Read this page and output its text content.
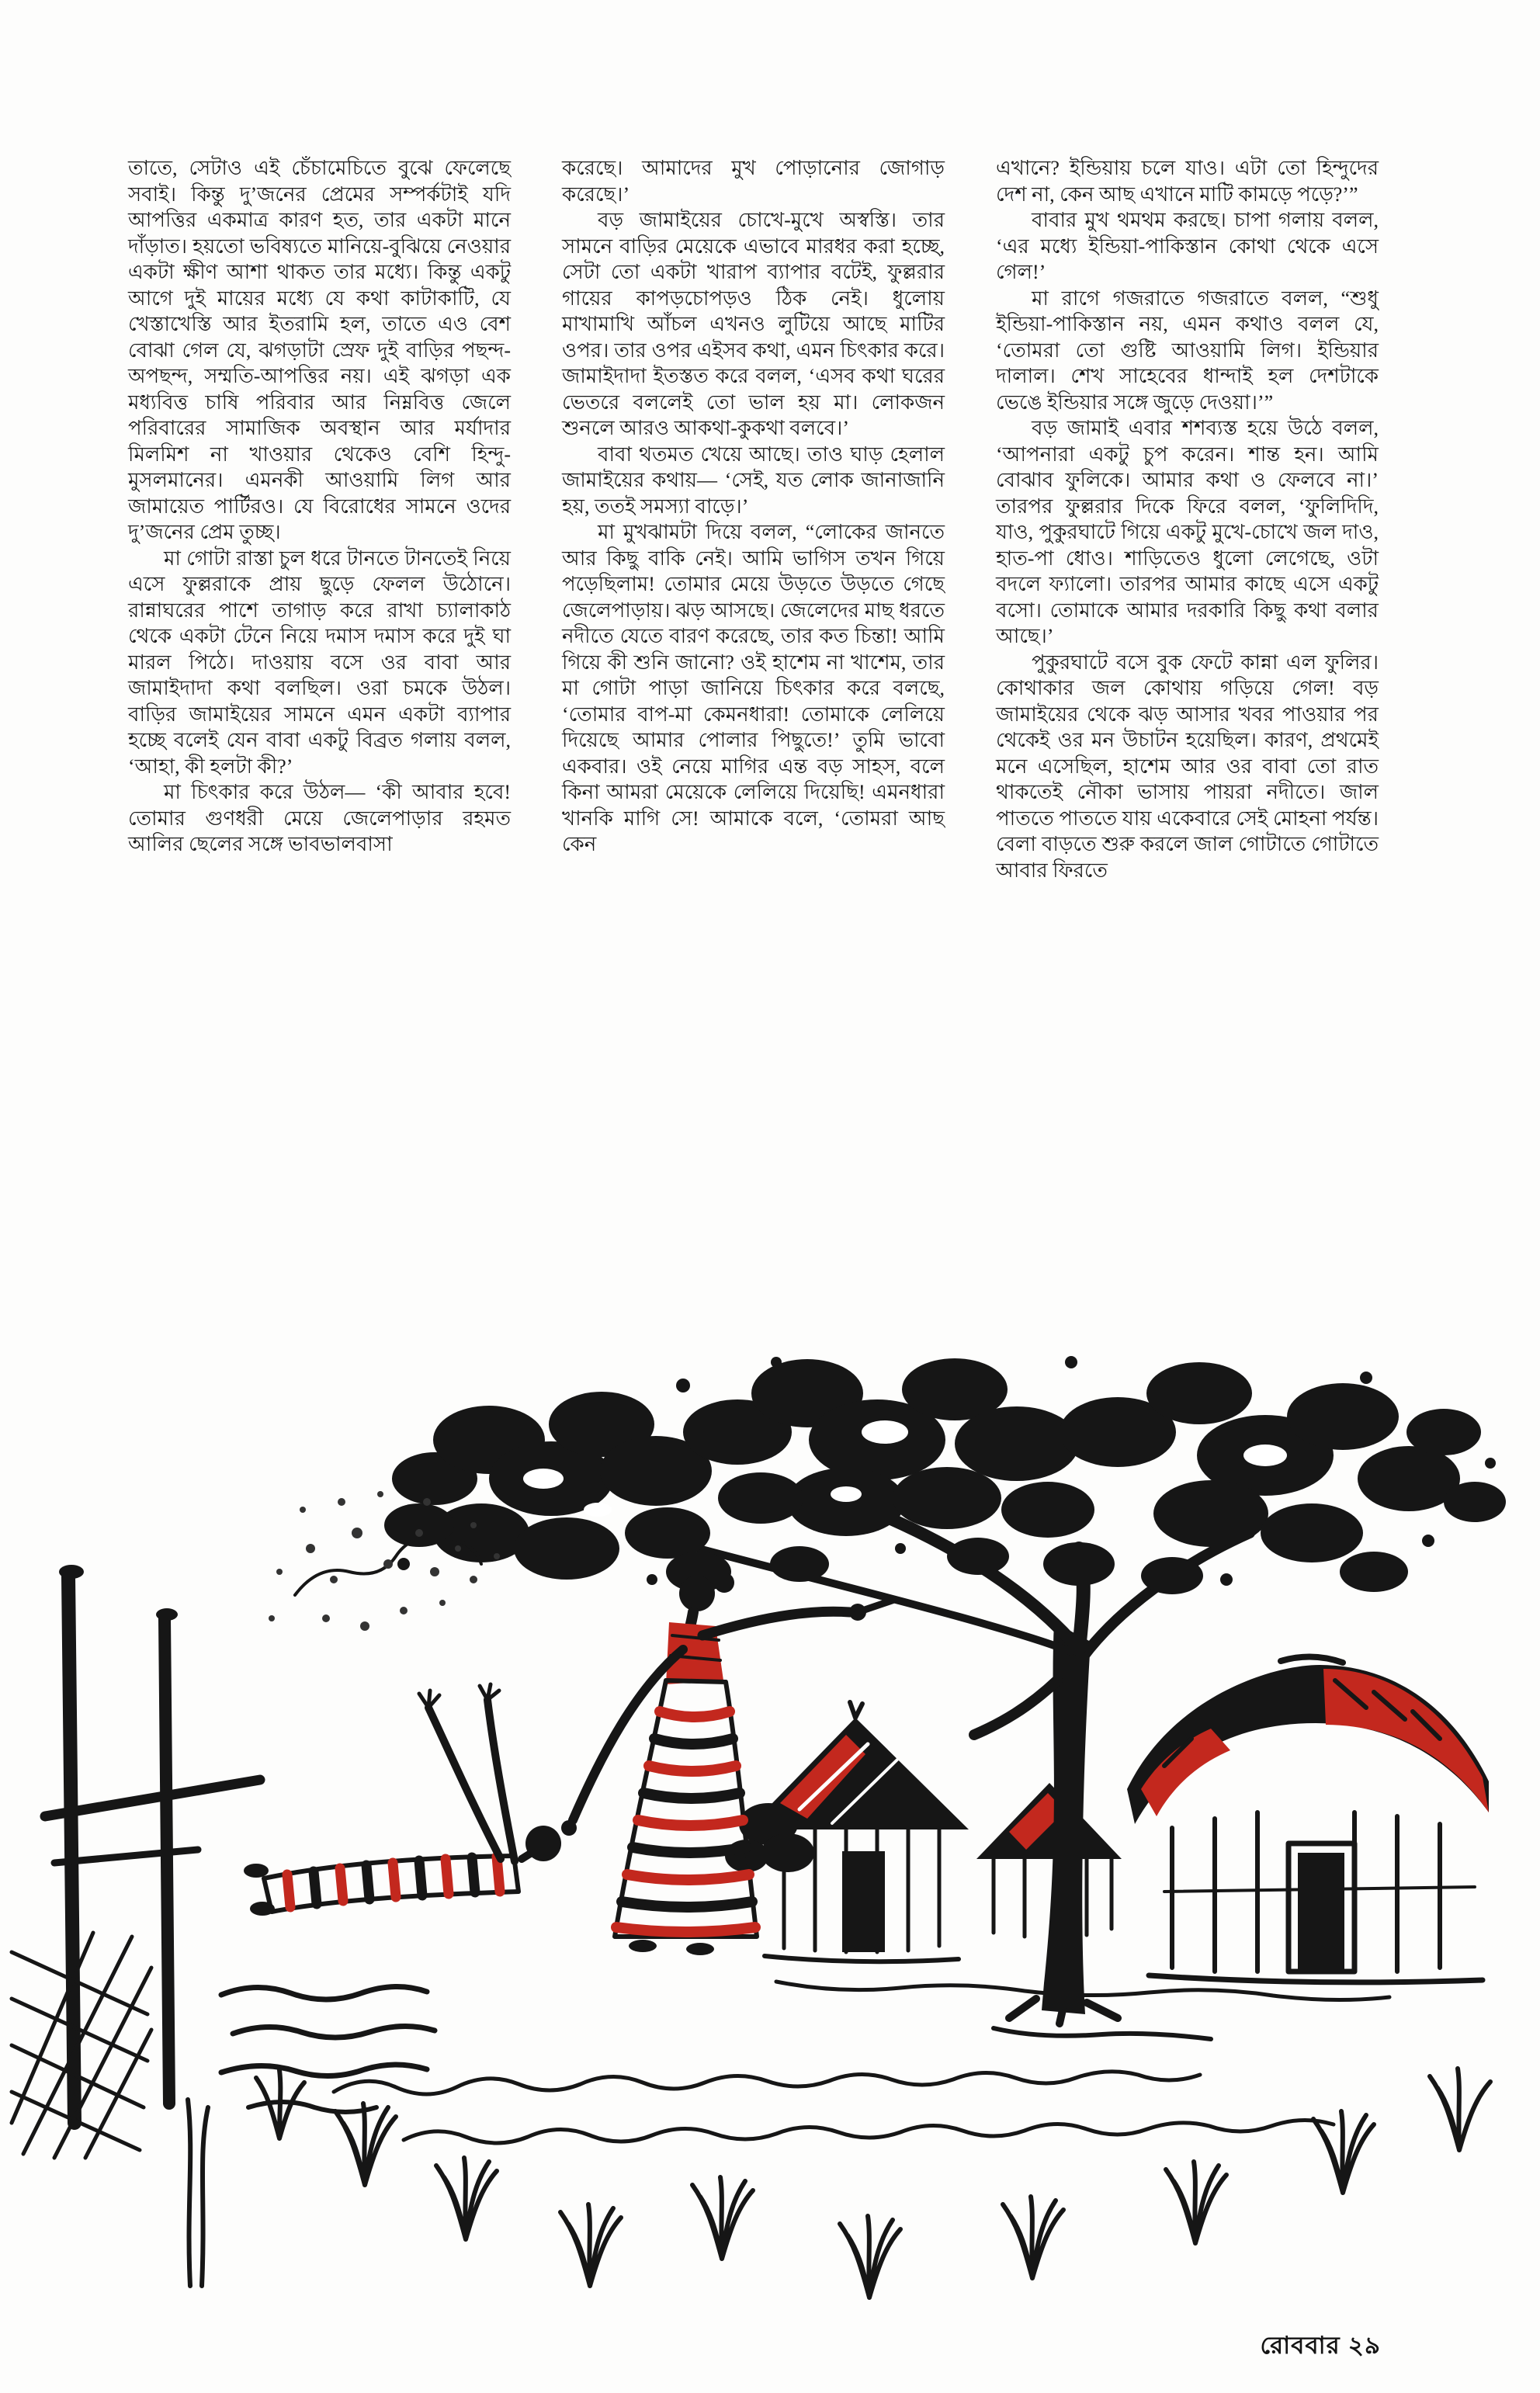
তাতে, সেটাও এই চেঁচামেচিতে বুঝে ফেলেছে সবাই। কিন্তু দু’জনের প্রেমের সম্পর্কটাই যদি আপত্তির একমাত্র কারণ হত, তার একটা মানে দাঁড়াত। হয়তো ভবিষ্যতে মানিয়ে-বুঝিয়ে নেওয়ার একটা ক্ষীণ আশা থাকত তার মধ্যে। কিন্তু একটু আগে দুই মায়ের মধ্যে যে কথা কাটাকাটি, যে খেস্তাখেস্তি আর ইতরামি হল, তাতে এও বেশ বোঝা গেল যে, ঝগড়াটা স্রেফ দুই বাড়ির পছন্দ-অপছন্দ, সম্মতি-আপত্তির নয়। এই ঝগড়া এক মধ্যবিত্ত চাষি পরিবার আর নিম্নবিত্ত জেলে পরিবারের সামাজিক অবস্থান আর মর্যাদার মিলমিশ না খাওয়ার থেকেও বেশি হিন্দু-মুসলমানের। এমনকী আওয়ামি লিগ আর জামায়েত পার্টিরও। যে বিরোধের সামনে ওদের দু’জনের প্রেম তুচ্ছ।

মা গোটা রাস্তা চুল ধরে টানতে টানতেই নিয়ে এসে ফুল্লরাকে প্রায় ছুড়ে ফেলল উঠোনে। রান্নাঘরের পাশে তাগাড় করে রাখা চ্যালাকাঠ থেকে একটা টেনে নিয়ে দমাস দমাস করে দুই ঘা মারল পিঠে। দাওয়ায় বসে ওর বাবা আর জামাইদাদা কথা বলছিল। ওরা চমকে উঠল। বাড়ির জামাইয়ের সামনে এমন একটা ব্যাপার হচ্ছে বলেই যেন বাবা একটু বিব্রত গলায় বলল, ‘আহা, কী হলটা কী?’

মা চিৎকার করে উঠল— ‘কী আবার হবে! তোমার গুণধরী মেয়ে জেলেপাড়ার রহমত আলির ছেলের সঙ্গে ভাবভালবাসা

করেছে। আমাদের মুখ পোড়ানোর জোগাড় করেছে।’

বড় জামাইয়ের চোখে-মুখে অস্বস্তি। তার সামনে বাড়ির মেয়েকে এভাবে মারধর করা হচ্ছে, সেটা তো একটা খারাপ ব্যাপার বটেই, ফুল্লরার গায়ের কাপড়চোপড়ও ঠিক নেই। ধুলোয় মাখামাখি আঁচল এখনও লুটিয়ে আছে মাটির ওপর। তার ওপর এইসব কথা, এমন চিৎকার করে। জামাইদাদা ইতস্তত করে বলল, ‘এসব কথা ঘরের ভেতরে বললেই তো ভাল হয় মা। লোকজন শুনলে আরও আকথা-কুকথা বলবে।’

বাবা থতমত খেয়ে আছে। তাও ঘাড় হেলাল জামাইয়ের কথায়— ‘সেই, যত লোক জানাজানি হয়, ততই সমস্যা বাড়ে।’

মা মুখঝামটা দিয়ে বলল, “লোকের জানতে আর কিছু বাকি নেই। আমি ভাগিস তখন গিয়ে পড়েছিলাম! তোমার মেয়ে উড়তে উড়তে গেছে জেলেপাড়ায়। ঝড় আসছে। জেলেদের মাছ ধরতে নদীতে যেতে বারণ করেছে, তার কত চিন্তা! আমি গিয়ে কী শুনি জানো? ওই হাশেম না খাশেম, তার মা গোটা পাড়া জানিয়ে চিৎকার করে বলছে, ‘তোমার বাপ-মা কেমনধারা! তোমাকে লেলিয়ে দিয়েছে আমার পোলার পিছুতে!’ তুমি ভাবো একবার। ওই নেয়ে মাগির এন্ত বড় সাহস, বলে কিনা আমরা মেয়েকে লেলিয়ে দিয়েছি! এমনধারা খানকি মাগি সে! আমাকে বলে, ‘তোমরা আছ কেন

এখানে? ইন্ডিয়ায় চলে যাও। এটা তো হিন্দুদের দেশ না, কেন আছ এখানে মাটি কামড়ে পড়ে?’”

বাবার মুখ থমথম করছে। চাপা গলায় বলল, ‘এর মধ্যে ইন্ডিয়া-পাকিস্তান কোথা থেকে এসে গেল!’

মা রাগে গজরাতে গজরাতে বলল, “শুধু ইন্ডিয়া-পাকিস্তান নয়, এমন কথাও বলল যে, ‘তোমরা তো গুষ্টি আওয়ামি লিগ। ইন্ডিয়ার দালাল। শেখ সাহেবের ধান্দাই হল দেশটাকে ভেঙে ইন্ডিয়ার সঙ্গে জুড়ে দেওয়া।’”

বড় জামাই এবার শশব্যস্ত হয়ে উঠে বলল, ‘আপনারা একটু চুপ করেন। শান্ত হন। আমি বোঝাব ফুলিকে। আমার কথা ও ফেলবে না।’ তারপর ফুল্লরার দিকে ফিরে বলল, ‘ফুলিদিদি, যাও, পুকুরঘাটে গিয়ে একটু মুখে-চোখে জল দাও, হাত-পা ধোও। শাড়িতেও ধুলো লেগেছে, ওটা বদলে ফ্যালো। তারপর আমার কাছে এসে একটু বসো। তোমাকে আমার দরকারি কিছু কথা বলার আছে।’

পুকুরঘাটে বসে বুক ফেটে কান্না এল ফুলির। কোথাকার জল কোথায় গড়িয়ে গেল! বড় জামাইয়ের থেকে ঝড় আসার খবর পাওয়ার পর থেকেই ওর মন উচাটন হয়েছিল। কারণ, প্রথমেই মনে এসেছিল, হাশেম আর ওর বাবা তো রাত থাকতেই নৌকা ভাসায় পায়রা নদীতে। জাল পাততে পাততে যায় একেবারে সেই মোহনা পর্যন্ত। বেলা বাড়তে শুরু করলে জাল গোটাতে গোটাতে আবার ফিরতে

রোববার ২৯
